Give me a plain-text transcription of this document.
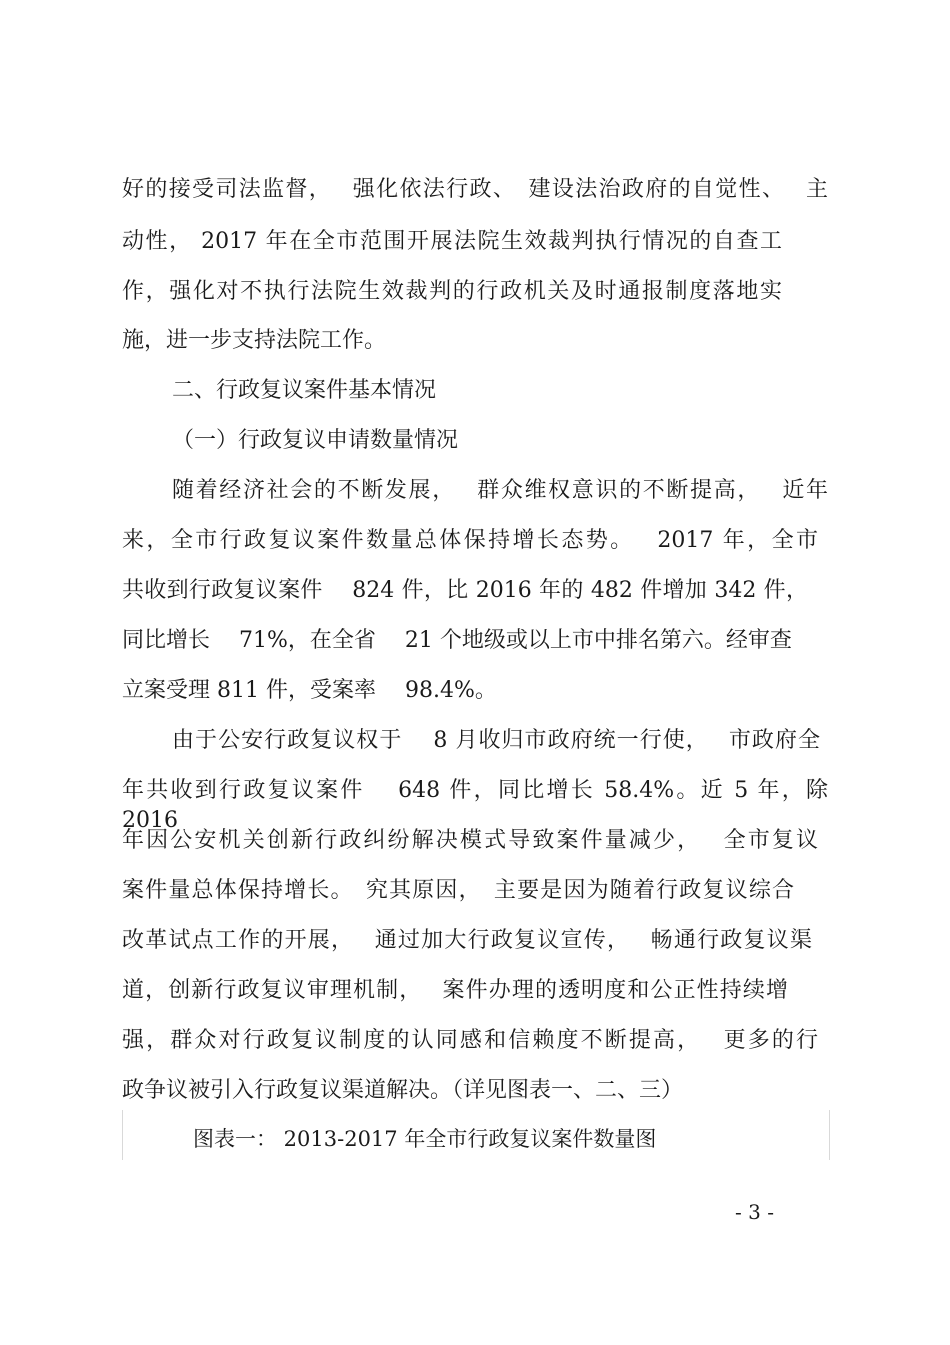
好的接受司法监督，　 强化依法行政、　建设法治政府的自觉性、　 主
动性， 2017 年在全市范围开展法院生效裁判执行情况的自查工
作，强化对不执行法院生效裁判的行政机关及时通报制度落地实
施，进一步支持法院工作。
二、行政复议案件基本情况
（一）行政复议申请数量情况
随着经济社会的不断发展，　 群众维权意识的不断提高，　 近年
来，全市行政复议案件数量总体保持增长态势。　 2017 年，全市
共收到行政复议案件 　824 件，比 2016 年的 482 件增加 342 件，
同比增长 　71%，在全省 　21 个地级或以上市中排名第六。经审查
立案受理 811 件，受案率 　98.4%。
由于公安行政复议权于 　8 月收归市政府统一行使，　 市政府全
年共收到行政复议案件 　648 件，同比增长 58.4%。近 5 年，除 2016
年因公安机关创新行政纠纷解决模式导致案件量减少，　 全市复议
案件量总体保持增长。　究其原因，　主要是因为随着行政复议综合
改革试点工作的开展，　 通过加大行政复议宣传，　 畅通行政复议渠
道，创新行政复议审理机制，　 案件办理的透明度和公正性持续增
强，群众对行政复议制度的认同感和信赖度不断提高，　 更多的行
政争议被引入行政复议渠道解决。（详见图表一、二、三）
图表一： 2013-2017 年全市行政复议案件数量图
- 3 -
